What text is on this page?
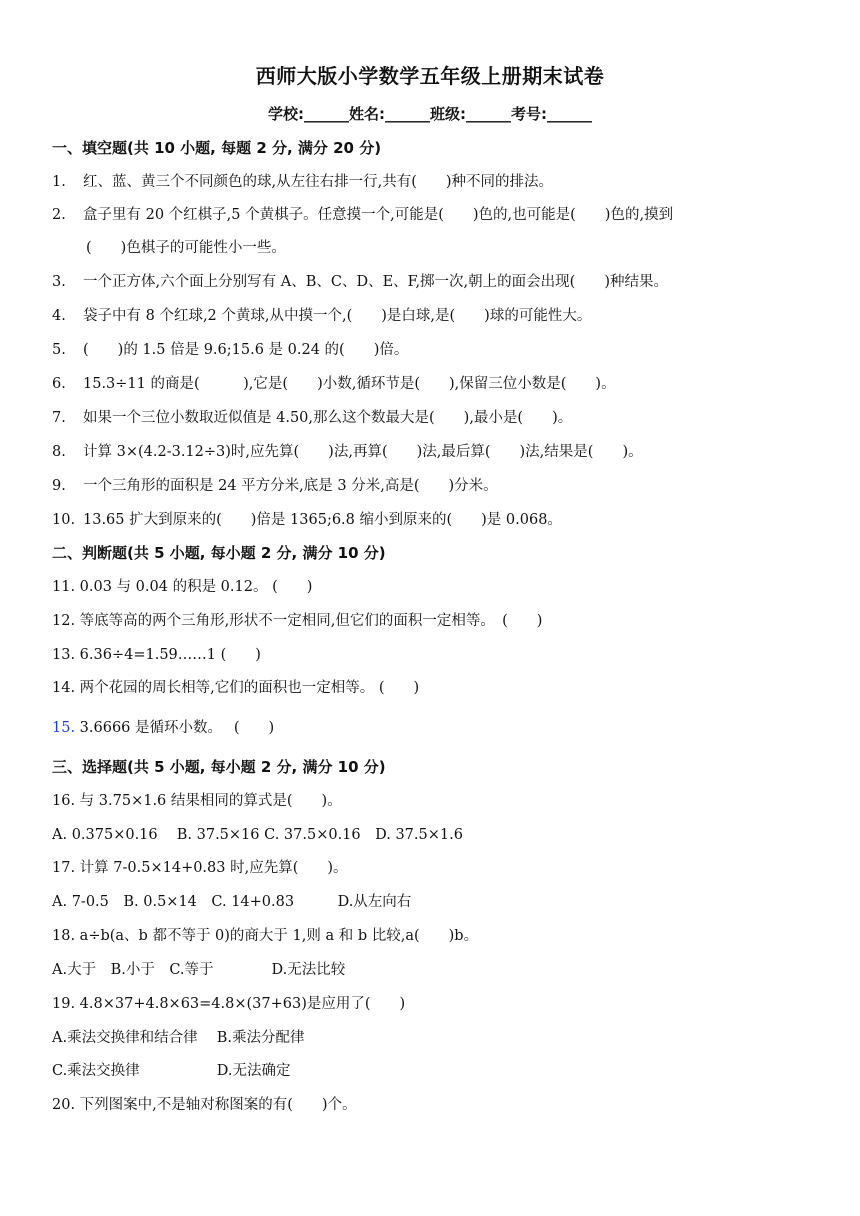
西师大版小学数学五年级上册期末试卷
学校:______姓名:______班级:______考号:______
一、填空题(共 10 小题, 每题 2 分, 满分 20 分)
1. 红、蓝、黄三个不同颜色的球,从左往右排一行,共有(　　)种不同的排法。
2. 盒子里有 20 个红棋子,5 个黄棋子。任意摸一个,可能是(　　)色的,也可能是(　　)色的,摸到
(　　)色棋子的可能性小一些。
3. 一个正方体,六个面上分别写有 A、B、C、D、E、F,掷一次,朝上的面会出现(　　)种结果。
4. 袋子中有 8 个红球,2 个黄球,从中摸一个,(　　)是白球,是(　　)球的可能性大。
5. (　　)的 1.5 倍是 9.6;15.6 是 0.24 的(　　)倍。
6. 15.3÷11 的商是(　　　),它是(　　)小数,循环节是(　　),保留三位小数是(　　)。
7. 如果一个三位小数取近似值是 4.50,那么这个数最大是(　　),最小是(　　)。
8. 计算 3×(4.2-3.12÷3)时,应先算(　　)法,再算(　　)法,最后算(　　)法,结果是(　　)。
9. 一个三角形的面积是 24 平方分米,底是 3 分米,高是(　　)分米。
10. 13.65 扩大到原来的(　　)倍是 1365;6.8 缩小到原来的(　　)是 0.068。
二、判断题(共 5 小题, 每小题 2 分, 满分 10 分)
11. 0.03 与 0.04 的积是 0.12。 (　　)
12. 等底等高的两个三角形,形状不一定相同,但它们的面积一定相等。　(　　)
13. 6.36÷4=1.59……1 (　　)
14. 两个花园的周长相等,它们的面积也一定相等。 (　　)
15. 3.6666 是循环小数。　 (　　)
三、选择题(共 5 小题, 每小题 2 分, 满分 10 分)
16. 与 3.75×1.6 结果相同的算式是(　　)。
A. 0.375×0.16　 B. 37.5×16 C. 37.5×0.16　D. 37.5×1.6
17. 计算 7-0.5×14+0.83 时,应先算(　　)。
A. 7-0.5　B. 0.5×14　C. 14+0.83　　　D.从左向右
18. a÷b(a、b 都不等于 0)的商大于 1,则 a 和 b 比较,a(　　)b。
A.大于　B.小于　C.等于　　　　D.无法比较
19. 4.8×37+4.8×63=4.8×(37+63)是应用了(　　)
A.乘法交换律和结合律　 B.乘法分配律
C.乘法交换律　　　　　 D.无法确定
20. 下列图案中,不是轴对称图案的有(　　)个。
